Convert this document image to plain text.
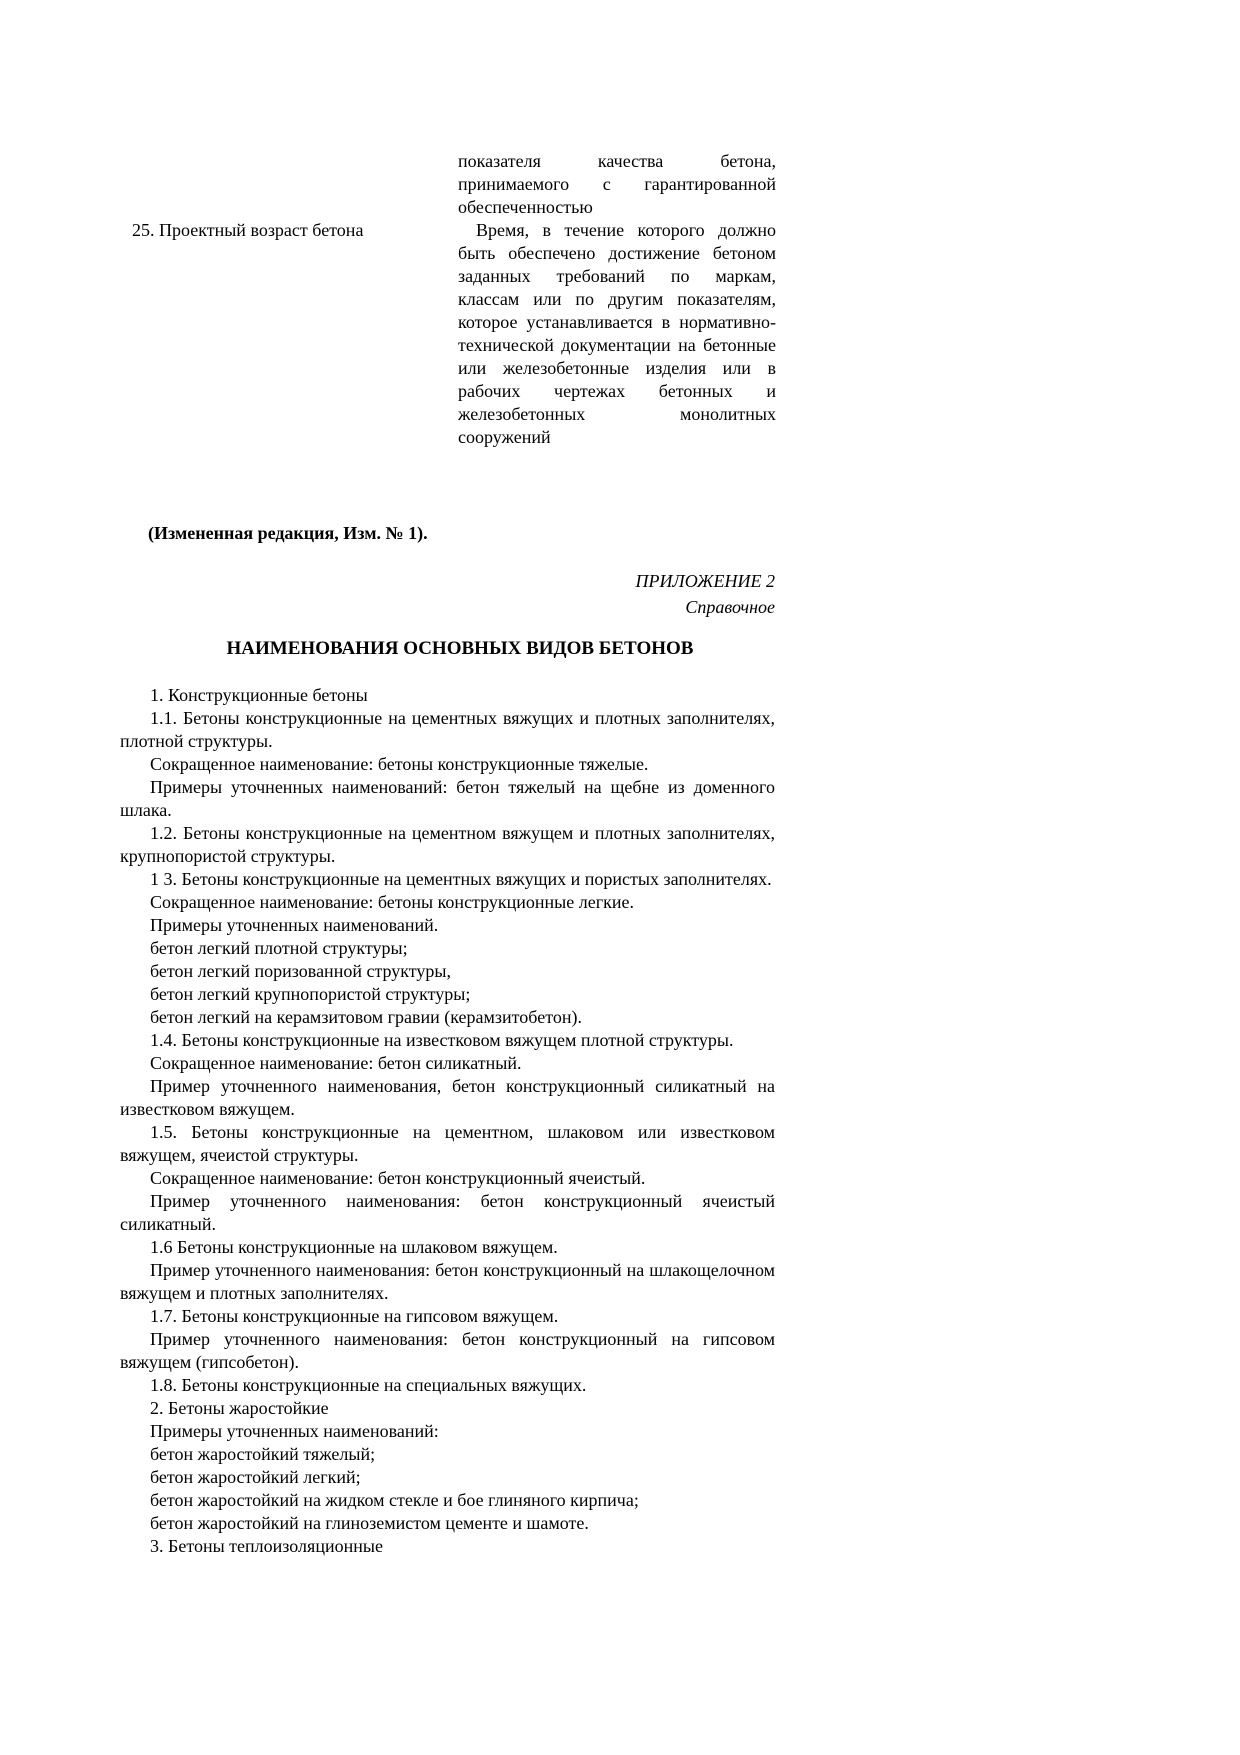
показателя качества бетона, принимаемого с гарантированной обеспеченностью
25. Проектный возраст бетона	Время, в течение которого должно быть обеспечено достижение бетоном заданных требований по маркам, классам или по другим показателям, которое устанавливается в нормативно-технической документации на бетонные или железобетонные изделия или в рабочих чертежах бетонных и железобетонных монолитных сооружений
(Измененная редакция, Изм. № 1).
ПРИЛОЖЕНИЕ 2
Справочное
НАИМЕНОВАНИЯ ОСНОВНЫХ ВИДОВ БЕТОНОВ

1. Конструкционные бетоны

1.1. Бетоны конструкционные на цементных вяжущих и плотных заполнителях, плотной структуры.

Сокращенное наименование: бетоны конструкционные тяжелые.

Примеры уточненных наименований: бетон тяжелый на щебне из доменного шлака.

1.2. Бетоны конструкционные на цементном вяжущем и плотных заполнителях, крупнопористой структуры.

1 3. Бетоны конструкционные на цементных вяжущих и пористых заполнителях.

Сокращенное наименование: бетоны конструкционные легкие.

Примеры уточненных наименований.

бетон легкий плотной структуры;

бетон легкий поризованной структуры,

бетон легкий крупнопористой структуры;

бетон легкий на керамзитовом гравии (керамзитобетон).

1.4. Бетоны конструкционные на известковом вяжущем плотной структуры.

Сокращенное наименование: бетон силикатный.

Пример уточненного наименования, бетон конструкционный силикатный на известковом вяжущем.

1.5. Бетоны конструкционные на цементном, шлаковом или известковом вяжущем, ячеистой структуры.

Сокращенное наименование: бетон конструкционный ячеистый.

Пример уточненного наименования: бетон конструкционный ячеистый силикатный.

1.6 Бетоны конструкционные на шлаковом вяжущем.

Пример уточненного наименования: бетон конструкционный на шлакощелочном вяжущем и плотных заполнителях.

1.7. Бетоны конструкционные на гипсовом вяжущем.

Пример уточненного наименования: бетон конструкционный на гипсовом вяжущем (гипсобетон).

1.8. Бетоны конструкционные на специальных вяжущих.

2. Бетоны жаростойкие

Примеры уточненных наименований:

бетон жаростойкий тяжелый;

бетон жаростойкий легкий;

бетон жаростойкий на жидком стекле и бое глиняного кирпича;

бетон жаростойкий на глиноземистом цементе и шамоте.

3. Бетоны теплоизоляционные
